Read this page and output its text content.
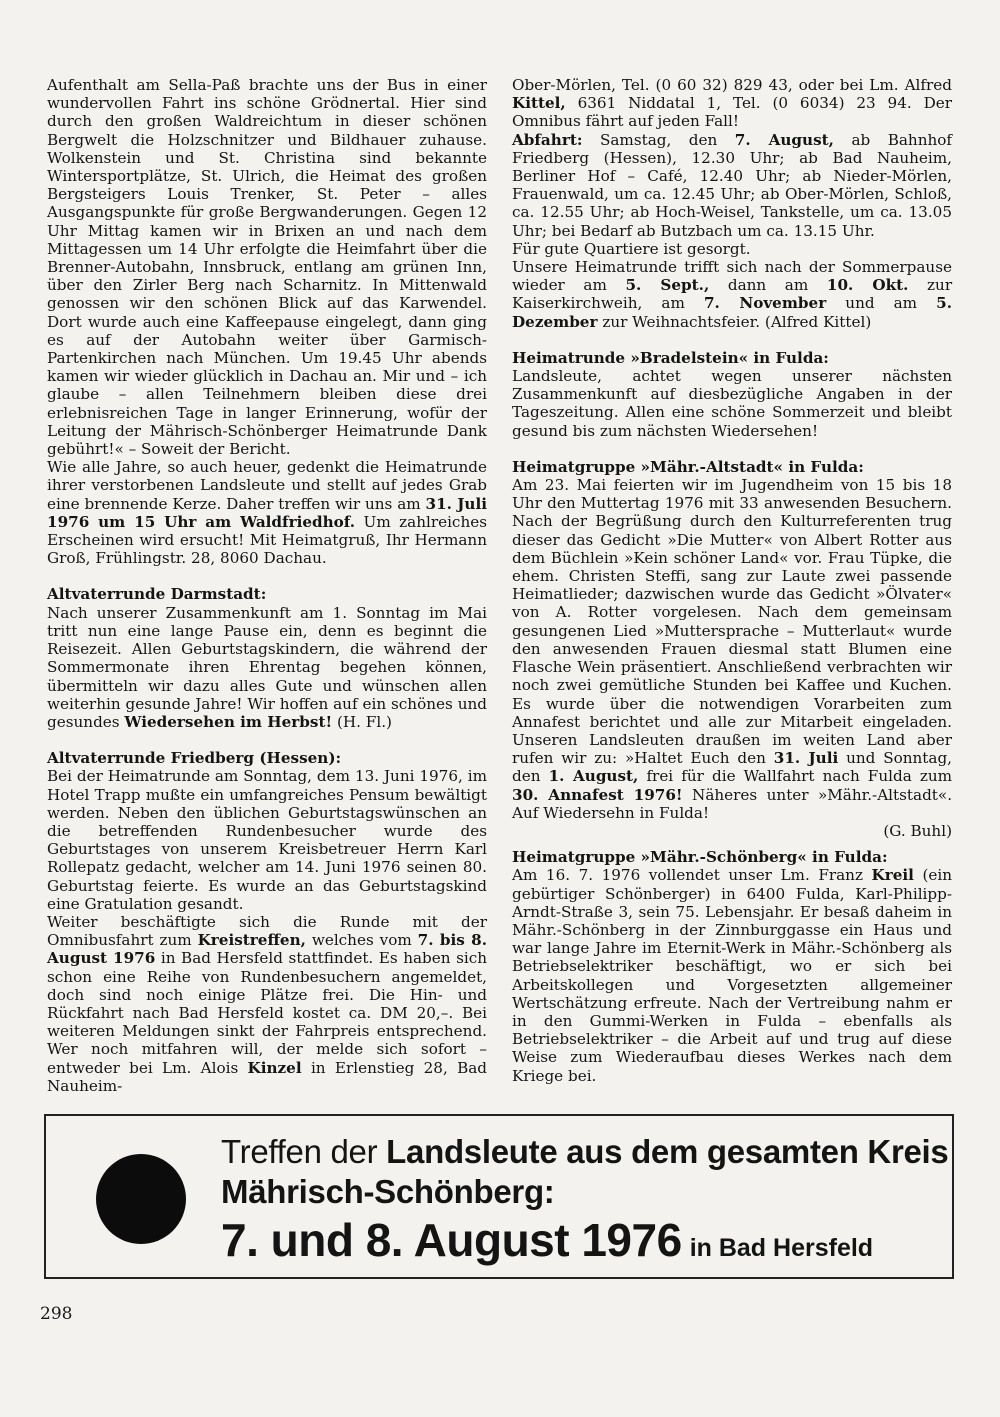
Aufenthalt am Sella-Paß brachte uns der Bus in einer wundervollen Fahrt ins schöne Grödnertal. Hier sind durch den großen Waldreichtum in dieser schönen Bergwelt die Holzschnitzer und Bildhauer zuhause. Wolkenstein und St. Christina sind bekannte Wintersportplätze, St. Ulrich, die Heimat des großen Bergsteigers Louis Trenker, St. Peter – alles Ausgangspunkte für große Bergwanderungen. Gegen 12 Uhr Mittag kamen wir in Brixen an und nach dem Mittagessen um 14 Uhr erfolgte die Heimfahrt über die Brenner-Autobahn, Innsbruck, entlang am grünen Inn, über den Zirler Berg nach Scharnitz. In Mittenwald genossen wir den schönen Blick auf das Karwendel. Dort wurde auch eine Kaffeepause eingelegt, dann ging es auf der Autobahn weiter über Garmisch-Partenkirchen nach München. Um 19.45 Uhr abends kamen wir wieder glücklich in Dachau an. Mir und – ich glaube – allen Teilnehmern bleiben diese drei erlebnisreichen Tage in langer Erinnerung, wofür der Leitung der Mährisch-Schönberger Heimatrunde Dank gebührt!« – Soweit der Bericht.

Wie alle Jahre, so auch heuer, gedenkt die Heimatrunde ihrer verstorbenen Landsleute und stellt auf jedes Grab eine brennende Kerze. Daher treffen wir uns am 31. Juli 1976 um 15 Uhr am Waldfriedhof. Um zahlreiches Erscheinen wird ersucht! Mit Heimatgruß, Ihr Hermann Groß, Frühlingstr. 28, 8060 Dachau.

Altvaterrunde Darmstadt:

Nach unserer Zusammenkunft am 1. Sonntag im Mai tritt nun eine lange Pause ein, denn es beginnt die Reisezeit. Allen Geburtstagskindern, die während der Sommermonate ihren Ehrentag begehen können, übermitteln wir dazu alles Gute und wünschen allen weiterhin gesunde Jahre! Wir hoffen auf ein schönes und gesundes Wiedersehen im Herbst! (H. Fl.)

Altvaterrunde Friedberg (Hessen):

Bei der Heimatrunde am Sonntag, dem 13. Juni 1976, im Hotel Trapp mußte ein umfangreiches Pensum bewältigt werden. Neben den üblichen Geburtstagswünschen an die betreffenden Rundenbesucher wurde des Geburtstages von unserem Kreisbetreuer Herrn Karl Rollepatz gedacht, welcher am 14. Juni 1976 seinen 80. Geburtstag feierte. Es wurde an das Geburtstagskind eine Gratulation gesandt.

Weiter beschäftigte sich die Runde mit der Omnibusfahrt zum Kreistreffen, welches vom 7. bis 8. August 1976 in Bad Hersfeld stattfindet. Es haben sich schon eine Reihe von Rundenbesuchern angemeldet, doch sind noch einige Plätze frei. Die Hin- und Rückfahrt nach Bad Hersfeld kostet ca. DM 20,–. Bei weiteren Meldungen sinkt der Fahrpreis entsprechend. Wer noch mitfahren will, der melde sich sofort – entweder bei Lm. Alois Kinzel in Erlenstieg 28, Bad Nauheim-

Ober-Mörlen, Tel. (0 60 32) 829 43, oder bei Lm. Alfred Kittel, 6361 Niddatal 1, Tel. (0 6034) 23 94. Der Omnibus fährt auf jeden Fall!

Abfahrt: Samstag, den 7. August, ab Bahnhof Friedberg (Hessen), 12.30 Uhr; ab Bad Nauheim, Berliner Hof – Café, 12.40 Uhr; ab Nieder-Mörlen, Frauenwald, um ca. 12.45 Uhr; ab Ober-Mörlen, Schloß, ca. 12.55 Uhr; ab Hoch-Weisel, Tankstelle, um ca. 13.05 Uhr; bei Bedarf ab Butzbach um ca. 13.15 Uhr.

Für gute Quartiere ist gesorgt.

Unsere Heimatrunde trifft sich nach der Sommerpause wieder am 5. Sept., dann am 10. Okt. zur Kaiserkirchweih, am 7. November und am 5. Dezember zur Weihnachtsfeier. (Alfred Kittel)

Heimatrunde »Bradelstein« in Fulda:

Landsleute, achtet wegen unserer nächsten Zusammenkunft auf diesbezügliche Angaben in der Tageszeitung. Allen eine schöne Sommerzeit und bleibt gesund bis zum nächsten Wiedersehen!

Heimatgruppe »Mähr.-Altstadt« in Fulda:

Am 23. Mai feierten wir im Jugendheim von 15 bis 18 Uhr den Muttertag 1976 mit 33 anwesenden Besuchern. Nach der Begrüßung durch den Kulturreferenten trug dieser das Gedicht »Die Mutter« von Albert Rotter aus dem Büchlein »Kein schöner Land« vor. Frau Tüpke, die ehem. Christen Steffi, sang zur Laute zwei passende Heimatlieder; dazwischen wurde das Gedicht »Ölvater« von A. Rotter vorgelesen. Nach dem gemeinsam gesungenen Lied »Muttersprache – Mutterlaut« wurde den anwesenden Frauen diesmal statt Blumen eine Flasche Wein präsentiert. Anschließend verbrachten wir noch zwei gemütliche Stunden bei Kaffee und Kuchen. Es wurde über die notwendigen Vorarbeiten zum Annafest berichtet und alle zur Mitarbeit eingeladen. Unseren Landsleuten draußen im weiten Land aber rufen wir zu: »Haltet Euch den 31. Juli und Sonntag, den 1. August, frei für die Wallfahrt nach Fulda zum 30. Annafest 1976! Näheres unter »Mähr.-Altstadt«. Auf Wiedersehn in Fulda!

(G. Buhl)

Heimatgruppe »Mähr.-Schönberg« in Fulda:

Am 16. 7. 1976 vollendet unser Lm. Franz Kreil (ein gebürtiger Schönberger) in 6400 Fulda, Karl-Philipp-Arndt-Straße 3, sein 75. Lebensjahr. Er besaß daheim in Mähr.-Schönberg in der Zinnburggasse ein Haus und war lange Jahre im Eternit-Werk in Mähr.-Schönberg als Betriebselektriker beschäftigt, wo er sich bei Arbeitskollegen und Vorgesetzten allgemeiner Wertschätzung erfreute. Nach der Vertreibung nahm er in den Gummi-Werken in Fulda – ebenfalls als Betriebselektriker – die Arbeit auf und trug auf diese Weise zum Wiederaufbau dieses Werkes nach dem Kriege bei.

Treffen der Landsleute aus dem gesamten Kreis
Mährisch-Schönberg:
7. und 8. August 1976 in Bad Hersfeld
298
